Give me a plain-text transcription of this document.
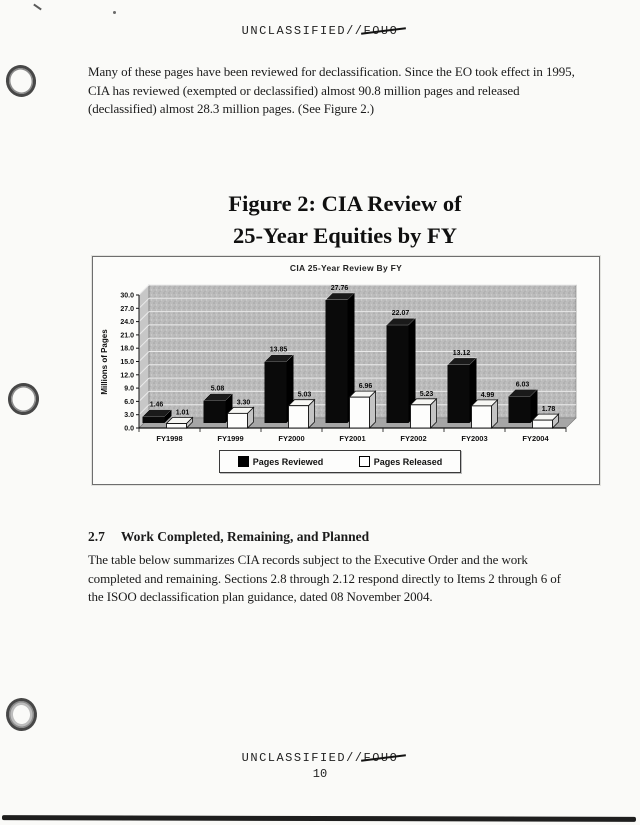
UNCLASSIFIED//FOUO
Many of these pages have been reviewed for declassification. Since the EO took effect in 1995, CIA has reviewed (exempted or declassified) almost 90.8 million pages and released (declassified) almost 28.3 million pages. (See Figure 2.)
Figure 2: CIA Review of
25-Year Equities by FY
0.0
3.0
6.0
9.0
12.0
15.0
18.0
21.0
24.0
27.0
30.0
1.46
1.01
FY1998
5.08
3.30
FY1999
13.85
5.03
FY2000
27.76
6.96
FY2001
22.07
5.23
FY2002
13.12
4.99
FY2003
6.03
1.78
FY2004
CIA 25-Year Review By FY
Millions of Pages
Pages Reviewed	Pages Released
2.7 Work Completed, Remaining, and Planned
The table below summarizes CIA records subject to the Executive Order and the work completed and remaining. Sections 2.8 through 2.12 respond directly to Items 2 through 6 of the ISOO declassification plan guidance, dated 08 November 2004.
UNCLASSIFIED//FOUO
10
